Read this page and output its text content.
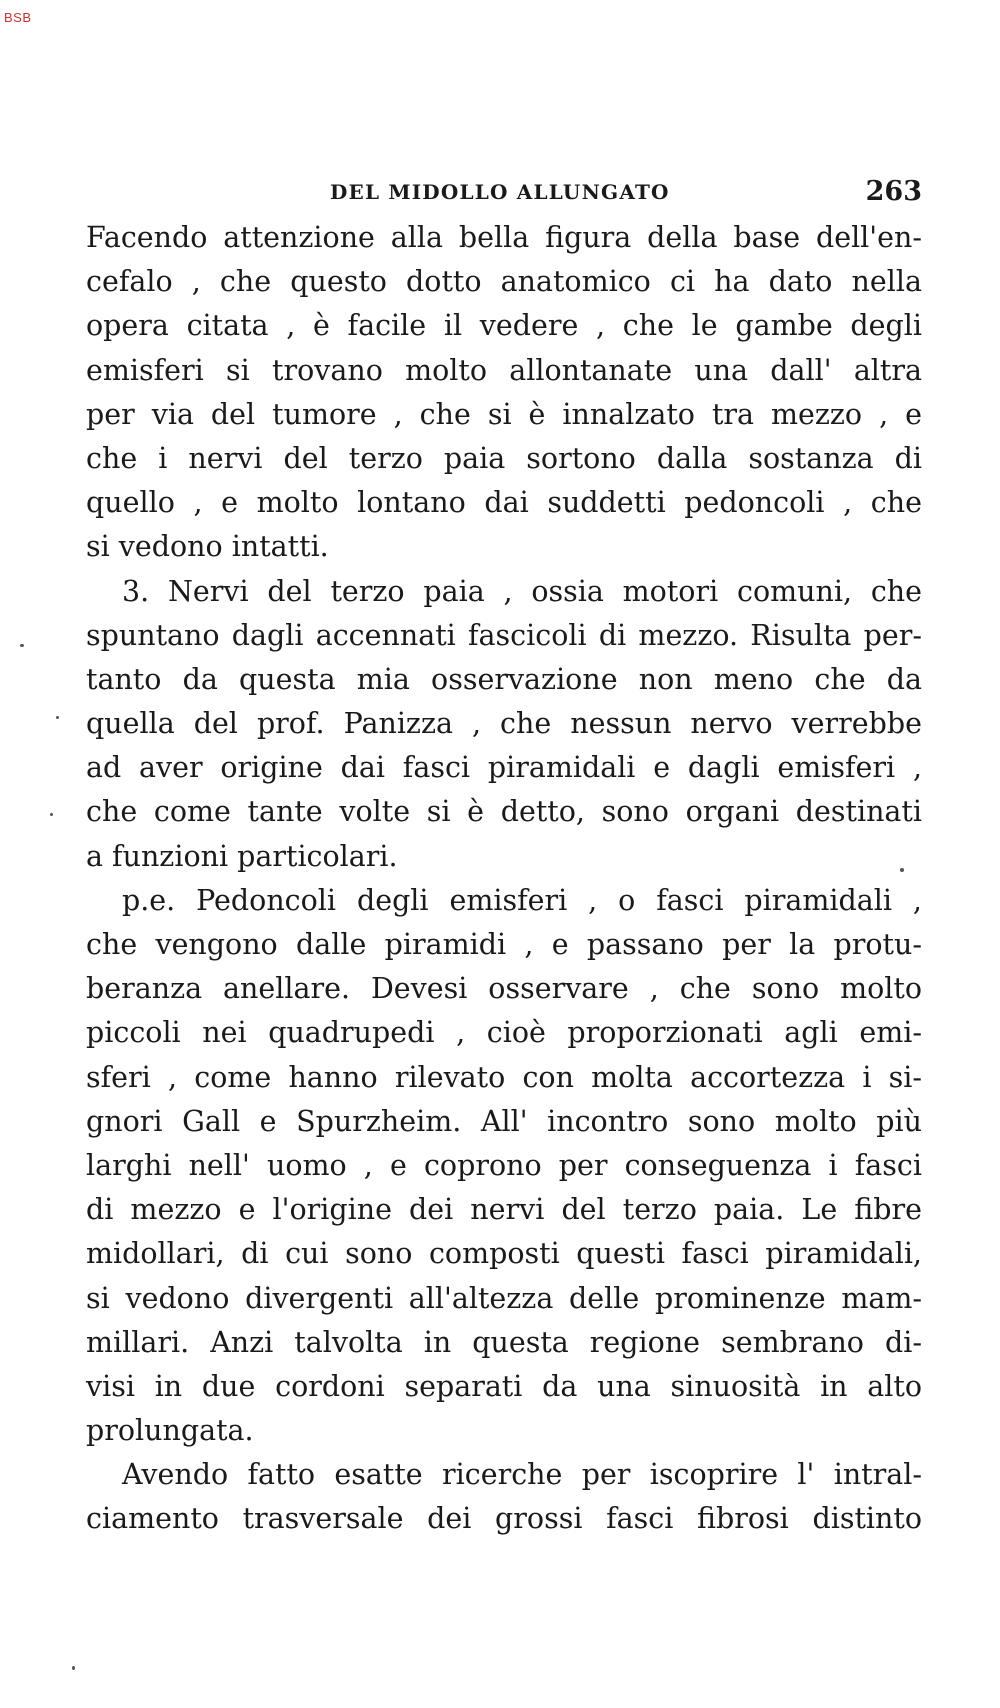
BSB
DEL MIDOLLO ALLUNGATO	263
Facendo attenzione alla bella figura della base dell'en-
cefalo , che questo dotto anatomico ci ha dato nella
opera citata , è facile il vedere , che le gambe degli
emisferi si trovano molto allontanate una dall' altra
per via del tumore , che si è innalzato tra mezzo , e
che i nervi del terzo paia sortono dalla sostanza di
quello , e molto lontano dai suddetti pedoncoli , che
si vedono intatti.
3. Nervi del terzo paia , ossia motori comuni, che
spuntano dagli accennati fascicoli di mezzo. Risulta per-
tanto da questa mia osservazione non meno che da
quella del prof. Panizza , che nessun nervo verrebbe
ad aver origine dai fasci piramidali e dagli emisferi ,
che come tante volte si è detto, sono organi destinati
a funzioni particolari.
p.e. Pedoncoli degli emisferi , o fasci piramidali ,
che vengono dalle piramidi , e passano per la protu-
beranza anellare. Devesi osservare , che sono molto
piccoli nei quadrupedi , cioè proporzionati agli emi-
sferi , come hanno rilevato con molta accortezza i si-
gnori Gall e Spurzheim. All' incontro sono molto più
larghi nell' uomo , e coprono per conseguenza i fasci
di mezzo e l'origine dei nervi del terzo paia. Le fibre
midollari, di cui sono composti questi fasci piramidali,
si vedono divergenti all'altezza delle prominenze mam-
millari. Anzi talvolta in questa regione sembrano di-
visi in due cordoni separati da una sinuosità in alto
prolungata.
Avendo fatto esatte ricerche per iscoprire l' intral-
ciamento trasversale dei grossi fasci fibrosi distinto
